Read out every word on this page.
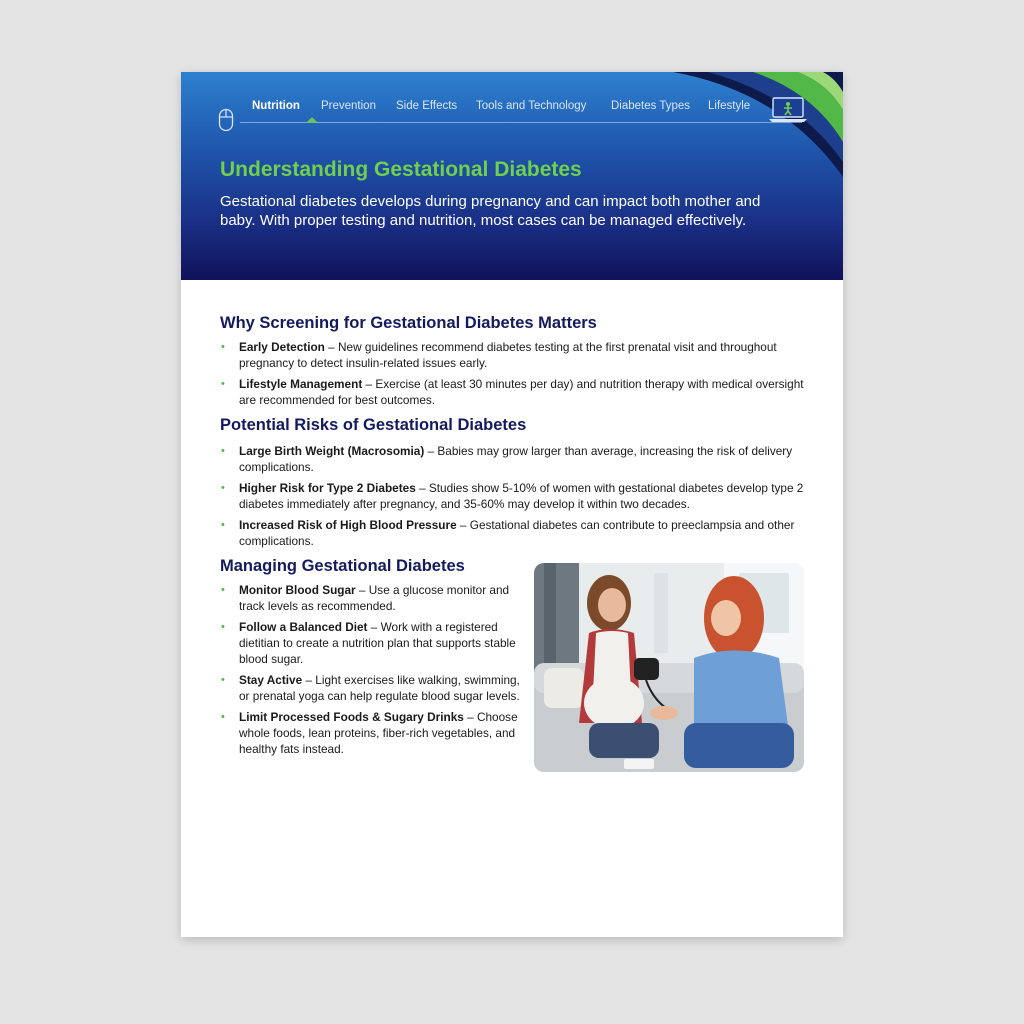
Nutrition Prevention Side Effects Tools and Technology Diabetes Types Lifestyle
Understanding Gestational Diabetes

Gestational diabetes develops during pregnancy and can impact both mother and baby. With proper testing and nutrition, most cases can be managed effectively.

Why Screening for Gestational Diabetes Matters
• Early Detection – New guidelines recommend diabetes testing at the first prenatal visit and throughout pregnancy to detect insulin-related issues early.
• Lifestyle Management – Exercise (at least 30 minutes per day) and nutrition therapy with medical oversight are recommended for best outcomes.
Potential Risks of Gestational Diabetes
• Large Birth Weight (Macrosomia) – Babies may grow larger than average, increasing the risk of delivery complications.
• Higher Risk for Type 2 Diabetes – Studies show 5-10% of women with gestational diabetes develop type 2 diabetes immediately after pregnancy, and 35-60% may develop it within two decades.
• Increased Risk of High Blood Pressure – Gestational diabetes can contribute to preeclampsia and other complications.
Managing Gestational Diabetes
• Monitor Blood Sugar – Use a glucose monitor and track levels as recommended.
• Follow a Balanced Diet – Work with a registered dietitian to create a nutrition plan that supports stable blood sugar.
• Stay Active – Light exercises like walking, swimming, or prenatal yoga can help regulate blood sugar levels.
• Limit Processed Foods & Sugary Drinks – Choose whole foods, lean proteins, fiber-rich vegetables, and healthy fats instead.
